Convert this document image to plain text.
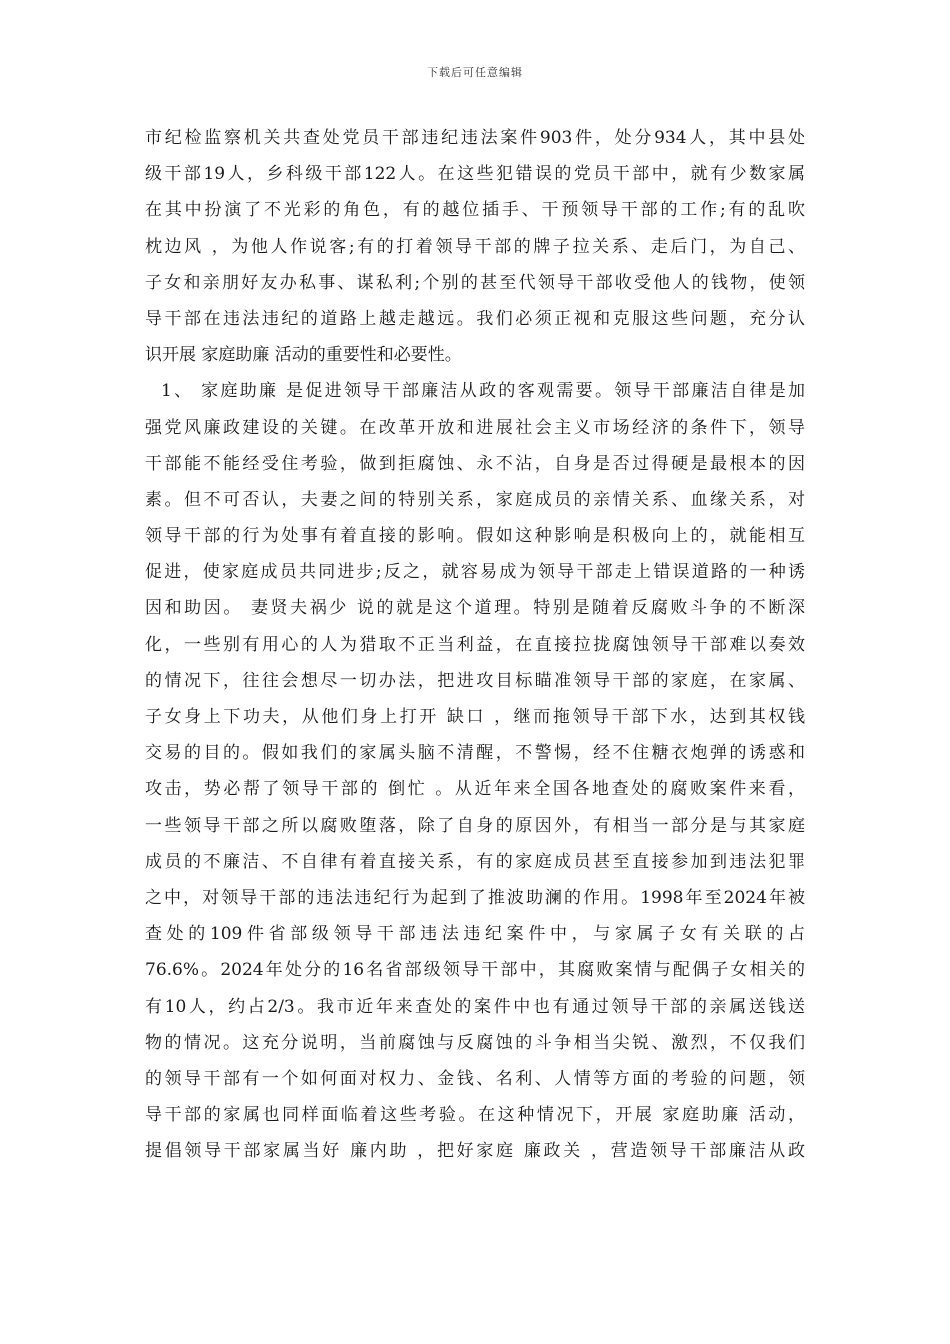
下载后可任意编辑
市纪检监察机关共查处党员干部违纪违法案件903件，处分934人，其中县处
级干部19人，乡科级干部122人。在这些犯错误的党员干部中，就有少数家属
在其中扮演了不光彩的角色，有的越位插手、干预领导干部的工作;有的乱吹
枕边风 ，为他人作说客;有的打着领导干部的牌子拉关系、走后门，为自己、
子女和亲朋好友办私事、谋私利;个别的甚至代领导干部收受他人的钱物，使领
导干部在违法违纪的道路上越走越远。我们必须正视和克服这些问题，充分认
识开展 家庭助廉 活动的重要性和必要性。
1、 家庭助廉 是促进领导干部廉洁从政的客观需要。领导干部廉洁自律是加
强党风廉政建设的关键。在改革开放和进展社会主义市场经济的条件下，领导
干部能不能经受住考验，做到拒腐蚀、永不沾，自身是否过得硬是最根本的因
素。但不可否认，夫妻之间的特别关系，家庭成员的亲情关系、血缘关系，对
领导干部的行为处事有着直接的影响。假如这种影响是积极向上的，就能相互
促进，使家庭成员共同进步;反之，就容易成为领导干部走上错误道路的一种诱
因和助因。 妻贤夫祸少 说的就是这个道理。特别是随着反腐败斗争的不断深
化，一些别有用心的人为猎取不正当利益，在直接拉拢腐蚀领导干部难以奏效
的情况下，往往会想尽一切办法，把进攻目标瞄准领导干部的家庭，在家属、
子女身上下功夫，从他们身上打开 缺口 ，继而拖领导干部下水，达到其权钱
交易的目的。假如我们的家属头脑不清醒，不警惕，经不住糖衣炮弹的诱惑和
攻击，势必帮了领导干部的 倒忙 。从近年来全国各地查处的腐败案件来看，
一些领导干部之所以腐败堕落，除了自身的原因外，有相当一部分是与其家庭
成员的不廉洁、不自律有着直接关系，有的家庭成员甚至直接参加到违法犯罪
之中，对领导干部的违法违纪行为起到了推波助澜的作用。1998年至2024年被
查处的109件省部级领导干部违法违纪案件中，与家属子女有关联的占
76.6%。2024年处分的16名省部级领导干部中，其腐败案情与配偶子女相关的
有10人，约占2/3。我市近年来查处的案件中也有通过领导干部的亲属送钱送
物的情况。这充分说明，当前腐蚀与反腐蚀的斗争相当尖锐、激烈，不仅我们
的领导干部有一个如何面对权力、金钱、名利、人情等方面的考验的问题，领
导干部的家属也同样面临着这些考验。在这种情况下，开展 家庭助廉 活动，
提倡领导干部家属当好 廉内助 ，把好家庭 廉政关 ，营造领导干部廉洁从政
